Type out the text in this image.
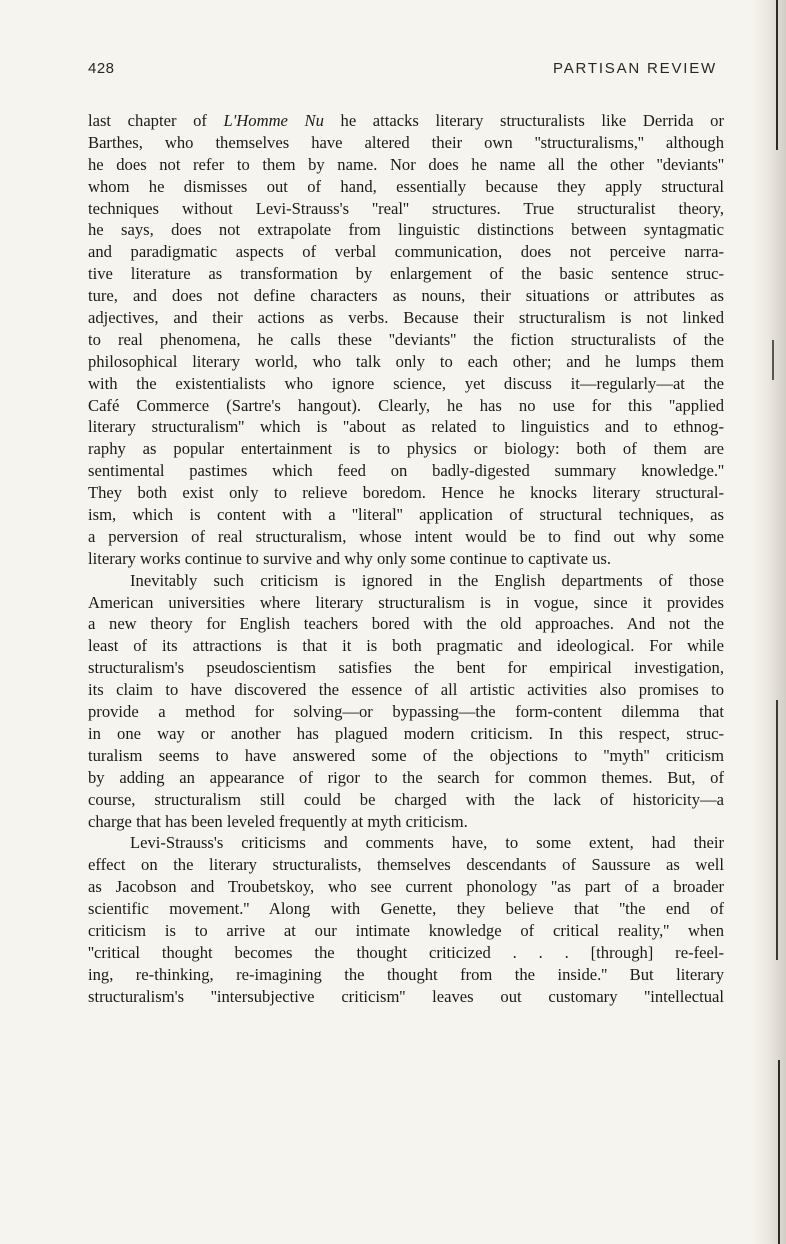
428	PARTISAN REVIEW
last chapter of L'Homme Nu he attacks literary structuralists like Derrida or
Barthes, who themselves have altered their own ''structuralisms,'' although
he does not refer to them by name. Nor does he name all the other ''deviants''
whom he dismisses out of hand, essentially because they apply structural
techniques without Levi-Strauss's ''real'' structures. True structuralist theory,
he says, does not extrapolate from linguistic distinctions between syntagmatic
and paradigmatic aspects of verbal communication, does not perceive narra-
tive literature as transformation by enlargement of the basic sentence struc-
ture, and does not define characters as nouns, their situations or attributes as
adjectives, and their actions as verbs. Because their structuralism is not linked
to real phenomena, he calls these ''deviants'' the fiction structuralists of the
philosophical literary world, who talk only to each other; and he lumps them
with the existentialists who ignore science, yet discuss it—regularly—at the
Café Commerce (Sartre's hangout). Clearly, he has no use for this ''applied
literary structuralism'' which is ''about as related to linguistics and to ethnog-
raphy as popular entertainment is to physics or biology: both of them are
sentimental pastimes which feed on badly-digested summary knowledge.''
They both exist only to relieve boredom. Hence he knocks literary structural-
ism, which is content with a ''literal'' application of structural techniques, as
a perversion of real structuralism, whose intent would be to find out why some
literary works continue to survive and why only some continue to captivate us.
Inevitably such criticism is ignored in the English departments of those
American universities where literary structuralism is in vogue, since it provides
a new theory for English teachers bored with the old approaches. And not the
least of its attractions is that it is both pragmatic and ideological. For while
structuralism's pseudoscientism satisfies the bent for empirical investigation,
its claim to have discovered the essence of all artistic activities also promises to
provide a method for solving—or bypassing—the form-content dilemma that
in one way or another has plagued modern criticism. In this respect, struc-
turalism seems to have answered some of the objections to ''myth'' criticism
by adding an appearance of rigor to the search for common themes. But, of
course, structuralism still could be charged with the lack of historicity—a
charge that has been leveled frequently at myth criticism.
Levi-Strauss's criticisms and comments have, to some extent, had their
effect on the literary structuralists, themselves descendants of Saussure as well
as Jacobson and Troubetskoy, who see current phonology ''as part of a broader
scientific movement.'' Along with Genette, they believe that ''the end of
criticism is to arrive at our intimate knowledge of critical reality,'' when
''critical thought becomes the thought criticized . . . [through] re-feel-
ing, re-thinking, re-imagining the thought from the inside.'' But literary
structuralism's ''intersubjective criticism'' leaves out customary ''intellectual
